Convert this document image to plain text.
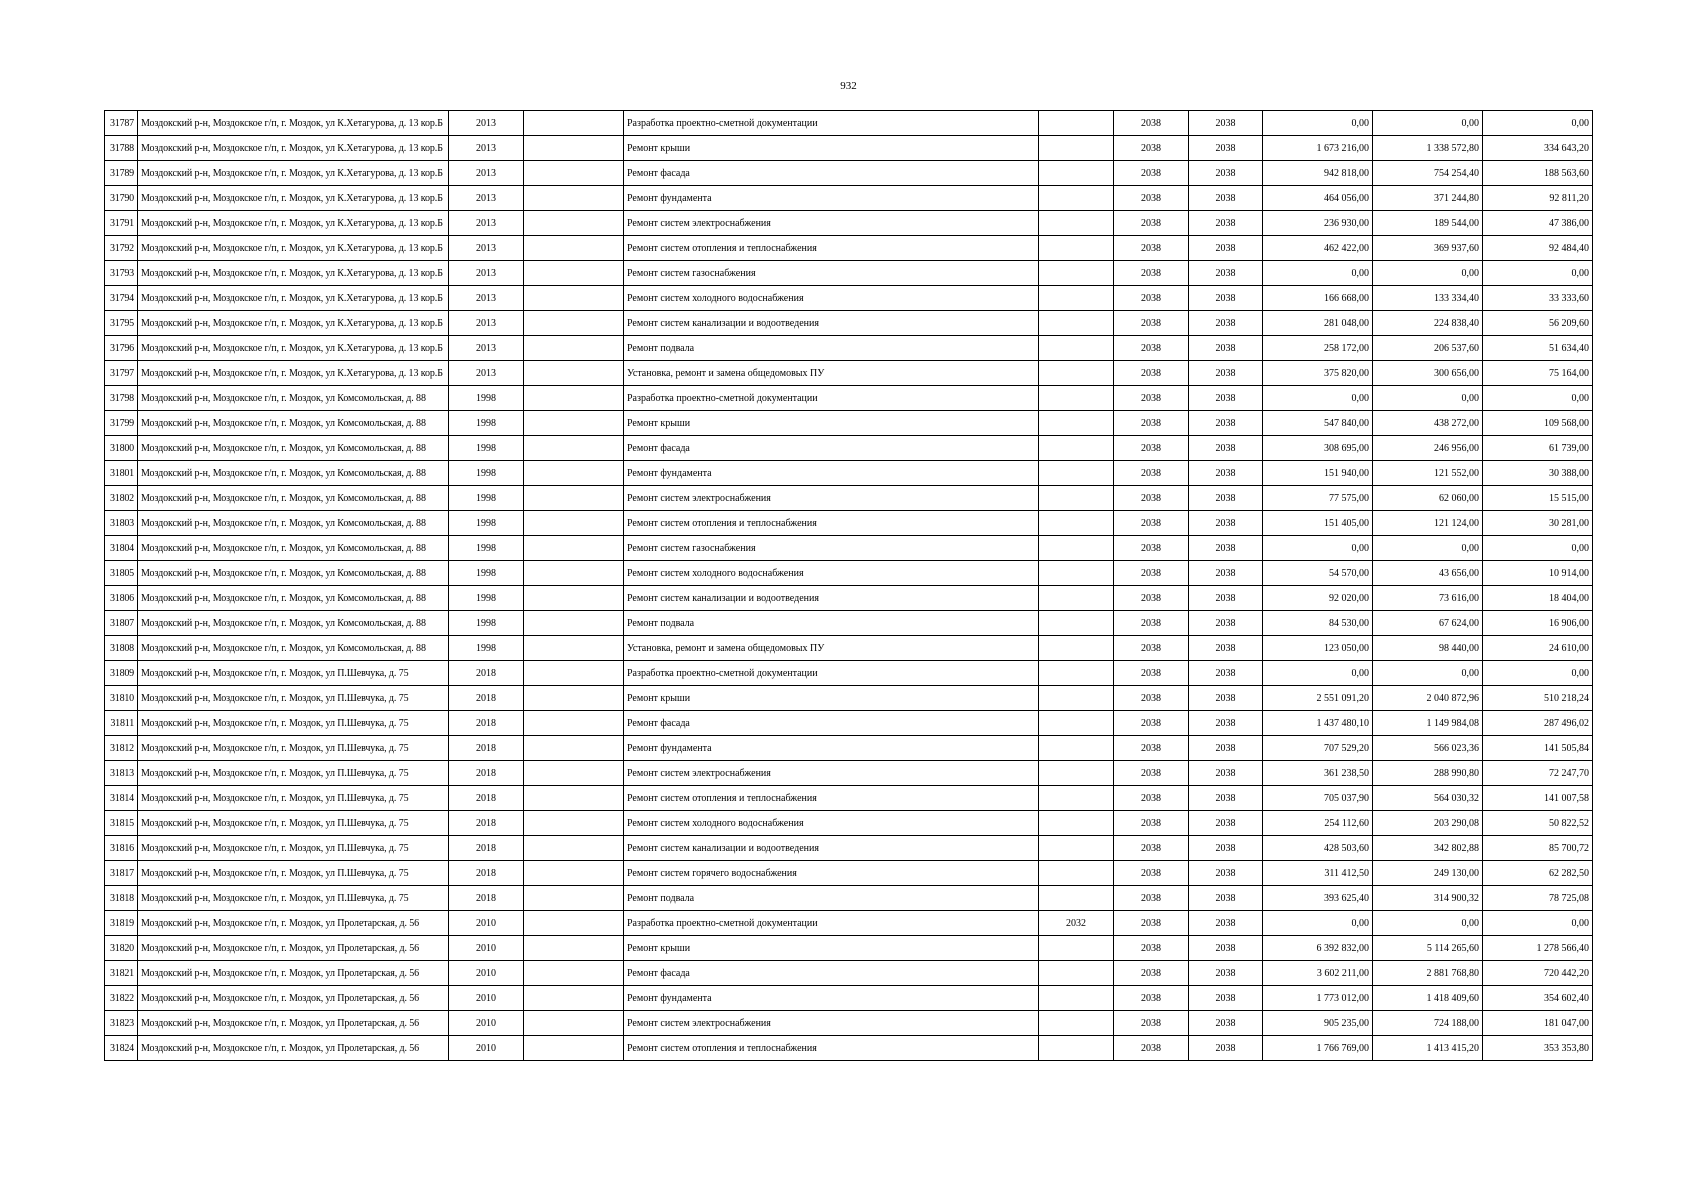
932
31787	Моздокский р-н, Моздокское г/п, г. Моздок, ул К.Хетагурова, д. 13 кор.Б	2013		Разработка проектно-сметной документации		2038	2038	0,00	0,00	0,00
31788	Моздокский р-н, Моздокское г/п, г. Моздок, ул К.Хетагурова, д. 13 кор.Б	2013		Ремонт крыши		2038	2038	1 673 216,00	1 338 572,80	334 643,20
31789	Моздокский р-н, Моздокское г/п, г. Моздок, ул К.Хетагурова, д. 13 кор.Б	2013		Ремонт фасада		2038	2038	942 818,00	754 254,40	188 563,60
31790	Моздокский р-н, Моздокское г/п, г. Моздок, ул К.Хетагурова, д. 13 кор.Б	2013		Ремонт фундамента		2038	2038	464 056,00	371 244,80	92 811,20
31791	Моздокский р-н, Моздокское г/п, г. Моздок, ул К.Хетагурова, д. 13 кор.Б	2013		Ремонт систем электроснабжения		2038	2038	236 930,00	189 544,00	47 386,00
31792	Моздокский р-н, Моздокское г/п, г. Моздок, ул К.Хетагурова, д. 13 кор.Б	2013		Ремонт систем отопления и теплоснабжения		2038	2038	462 422,00	369 937,60	92 484,40
31793	Моздокский р-н, Моздокское г/п, г. Моздок, ул К.Хетагурова, д. 13 кор.Б	2013		Ремонт систем газоснабжения		2038	2038	0,00	0,00	0,00
31794	Моздокский р-н, Моздокское г/п, г. Моздок, ул К.Хетагурова, д. 13 кор.Б	2013		Ремонт систем холодного водоснабжения		2038	2038	166 668,00	133 334,40	33 333,60
31795	Моздокский р-н, Моздокское г/п, г. Моздок, ул К.Хетагурова, д. 13 кор.Б	2013		Ремонт систем канализации и водоотведения		2038	2038	281 048,00	224 838,40	56 209,60
31796	Моздокский р-н, Моздокское г/п, г. Моздок, ул К.Хетагурова, д. 13 кор.Б	2013		Ремонт подвала		2038	2038	258 172,00	206 537,60	51 634,40
31797	Моздокский р-н, Моздокское г/п, г. Моздок, ул К.Хетагурова, д. 13 кор.Б	2013		Установка, ремонт и замена общедомовых ПУ		2038	2038	375 820,00	300 656,00	75 164,00
31798	Моздокский р-н, Моздокское г/п, г. Моздок, ул Комсомольская, д. 88	1998		Разработка проектно-сметной документации		2038	2038	0,00	0,00	0,00
31799	Моздокский р-н, Моздокское г/п, г. Моздок, ул Комсомольская, д. 88	1998		Ремонт крыши		2038	2038	547 840,00	438 272,00	109 568,00
31800	Моздокский р-н, Моздокское г/п, г. Моздок, ул Комсомольская, д. 88	1998		Ремонт фасада		2038	2038	308 695,00	246 956,00	61 739,00
31801	Моздокский р-н, Моздокское г/п, г. Моздок, ул Комсомольская, д. 88	1998		Ремонт фундамента		2038	2038	151 940,00	121 552,00	30 388,00
31802	Моздокский р-н, Моздокское г/п, г. Моздок, ул Комсомольская, д. 88	1998		Ремонт систем электроснабжения		2038	2038	77 575,00	62 060,00	15 515,00
31803	Моздокский р-н, Моздокское г/п, г. Моздок, ул Комсомольская, д. 88	1998		Ремонт систем отопления и теплоснабжения		2038	2038	151 405,00	121 124,00	30 281,00
31804	Моздокский р-н, Моздокское г/п, г. Моздок, ул Комсомольская, д. 88	1998		Ремонт систем газоснабжения		2038	2038	0,00	0,00	0,00
31805	Моздокский р-н, Моздокское г/п, г. Моздок, ул Комсомольская, д. 88	1998		Ремонт систем холодного водоснабжения		2038	2038	54 570,00	43 656,00	10 914,00
31806	Моздокский р-н, Моздокское г/п, г. Моздок, ул Комсомольская, д. 88	1998		Ремонт систем канализации и водоотведения		2038	2038	92 020,00	73 616,00	18 404,00
31807	Моздокский р-н, Моздокское г/п, г. Моздок, ул Комсомольская, д. 88	1998		Ремонт подвала		2038	2038	84 530,00	67 624,00	16 906,00
31808	Моздокский р-н, Моздокское г/п, г. Моздок, ул Комсомольская, д. 88	1998		Установка, ремонт и замена общедомовых ПУ		2038	2038	123 050,00	98 440,00	24 610,00
31809	Моздокский р-н, Моздокское г/п, г. Моздок, ул П.Шевчука, д. 75	2018		Разработка проектно-сметной документации		2038	2038	0,00	0,00	0,00
31810	Моздокский р-н, Моздокское г/п, г. Моздок, ул П.Шевчука, д. 75	2018		Ремонт крыши		2038	2038	2 551 091,20	2 040 872,96	510 218,24
31811	Моздокский р-н, Моздокское г/п, г. Моздок, ул П.Шевчука, д. 75	2018		Ремонт фасада		2038	2038	1 437 480,10	1 149 984,08	287 496,02
31812	Моздокский р-н, Моздокское г/п, г. Моздок, ул П.Шевчука, д. 75	2018		Ремонт фундамента		2038	2038	707 529,20	566 023,36	141 505,84
31813	Моздокский р-н, Моздокское г/п, г. Моздок, ул П.Шевчука, д. 75	2018		Ремонт систем электроснабжения		2038	2038	361 238,50	288 990,80	72 247,70
31814	Моздокский р-н, Моздокское г/п, г. Моздок, ул П.Шевчука, д. 75	2018		Ремонт систем отопления и теплоснабжения		2038	2038	705 037,90	564 030,32	141 007,58
31815	Моздокский р-н, Моздокское г/п, г. Моздок, ул П.Шевчука, д. 75	2018		Ремонт систем холодного водоснабжения		2038	2038	254 112,60	203 290,08	50 822,52
31816	Моздокский р-н, Моздокское г/п, г. Моздок, ул П.Шевчука, д. 75	2018		Ремонт систем канализации и водоотведения		2038	2038	428 503,60	342 802,88	85 700,72
31817	Моздокский р-н, Моздокское г/п, г. Моздок, ул П.Шевчука, д. 75	2018		Ремонт систем горячего водоснабжения		2038	2038	311 412,50	249 130,00	62 282,50
31818	Моздокский р-н, Моздокское г/п, г. Моздок, ул П.Шевчука, д. 75	2018		Ремонт подвала		2038	2038	393 625,40	314 900,32	78 725,08
31819	Моздокский р-н, Моздокское г/п, г. Моздок, ул Пролетарская, д. 56	2010		Разработка проектно-сметной документации	2032	2038	2038	0,00	0,00	0,00
31820	Моздокский р-н, Моздокское г/п, г. Моздок, ул Пролетарская, д. 56	2010		Ремонт крыши		2038	2038	6 392 832,00	5 114 265,60	1 278 566,40
31821	Моздокский р-н, Моздокское г/п, г. Моздок, ул Пролетарская, д. 56	2010		Ремонт фасада		2038	2038	3 602 211,00	2 881 768,80	720 442,20
31822	Моздокский р-н, Моздокское г/п, г. Моздок, ул Пролетарская, д. 56	2010		Ремонт фундамента		2038	2038	1 773 012,00	1 418 409,60	354 602,40
31823	Моздокский р-н, Моздокское г/п, г. Моздок, ул Пролетарская, д. 56	2010		Ремонт систем электроснабжения		2038	2038	905 235,00	724 188,00	181 047,00
31824	Моздокский р-н, Моздокское г/п, г. Моздок, ул Пролетарская, д. 56	2010		Ремонт систем отопления и теплоснабжения		2038	2038	1 766 769,00	1 413 415,20	353 353,80
